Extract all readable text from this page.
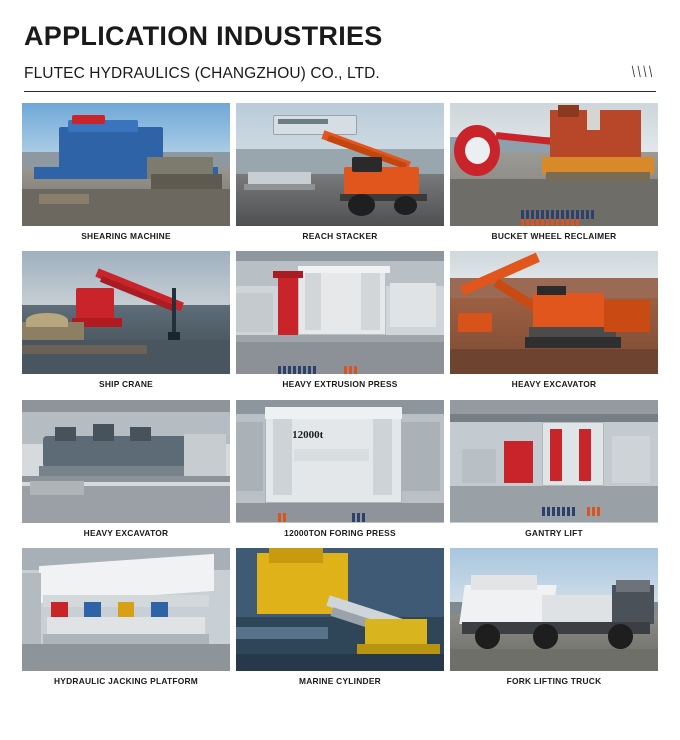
APPLICATION INDUSTRIES

FLUTEC HYDRAULICS (CHANGZHOU) CO., LTD.	\\\\
SHEARING MACHINE	REACH STACKER	BUCKET WHEEL RECLAIMER
SHIP CRANE	HEAVY EXTRUSION PRESS	HEAVY EXCAVATOR
HEAVY EXCAVATOR
12000t
12000TON FORING PRESS	GANTRY LIFT
HYDRAULIC JACKING PLATFORM	MARINE CYLINDER	FORK LIFTING TRUCK
